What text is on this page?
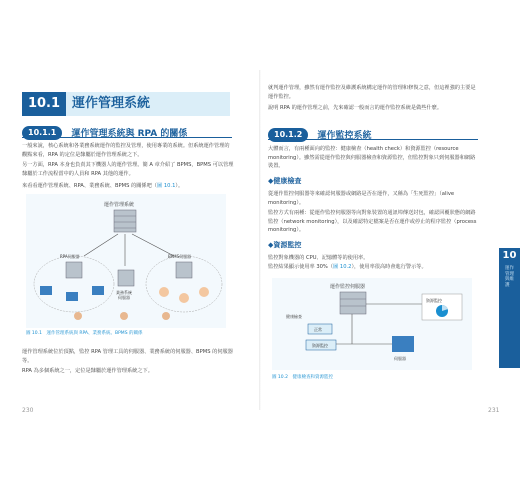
10.1 運作管理系統
10.1.1 運作管理系統與 RPA 的關係

一般來說，核心系統和各業務系統運作的監控及管理，使用專業的系統。但系統運作管理的觀點來看，RPA 的定位是隸屬於運作管理系統之下。

另一方面，RPA 本身也負責其下機器人的運作管理。簡 A 章介紹了 BPMS，BPMS 可以管理隸屬於工作流程當中的人員和 RPA 其他的運作。

來看看運作管理系統、RPA、業務系統、BPMS 的關係吧（圖 10.1）。

運作管理系統
RPA伺服器
業務系統
伺服器
BPMS伺服器
圖 10.1　運作管理系統與 RPA、業務系統、BPMS 的關係

運作管理系統位於頂點，監控 RPA 管理工具的伺服器、業務系統的伺服器、BPMS 的伺服器等。

RPA 為多個系統之一，定位是隸屬於運作管理系統之下。

230

就判運作管理，雖然有運作監控及維護系統構定運作的管理和修復之意，但這裡強的主要是運作監控。

說明 RPA 的運作管理之前，先來確認一般而言的運作監控系統是做些什麼。

10.1.2 運作監控系統

大體而言，有兩種面向的監控：健康檢查（health check）和資源監控（resource monitoring）。雖然需從運作監控與伺服器檢查和資源監控，但監控對象只到伺服器和網路裝置。

◆健康檢查

從運作監控伺服器等來確認伺服器或網路是否在運作，又稱為「生死監控」（alive monitoring）。

監控方式有兩種：從運作監控伺服器等向對象裝置的通訊埠傳送封包，確認回覆狀態的網路監控（network monitoring），以及確認特定檔案是否在運作或停止的程序監控（process monitoring）。

◆資源監控

監控對象機器的 CPU、記憶體等的使用率。

監控結果顯示使用率 30%（圖 10.2），使用率很高時會進行警示等。

運作監控伺服器
健康檢查
正常
資源監控
伺服器
資源監控
圖 10.2　健康檢查和資源監控
231
10
運作管理與維護
